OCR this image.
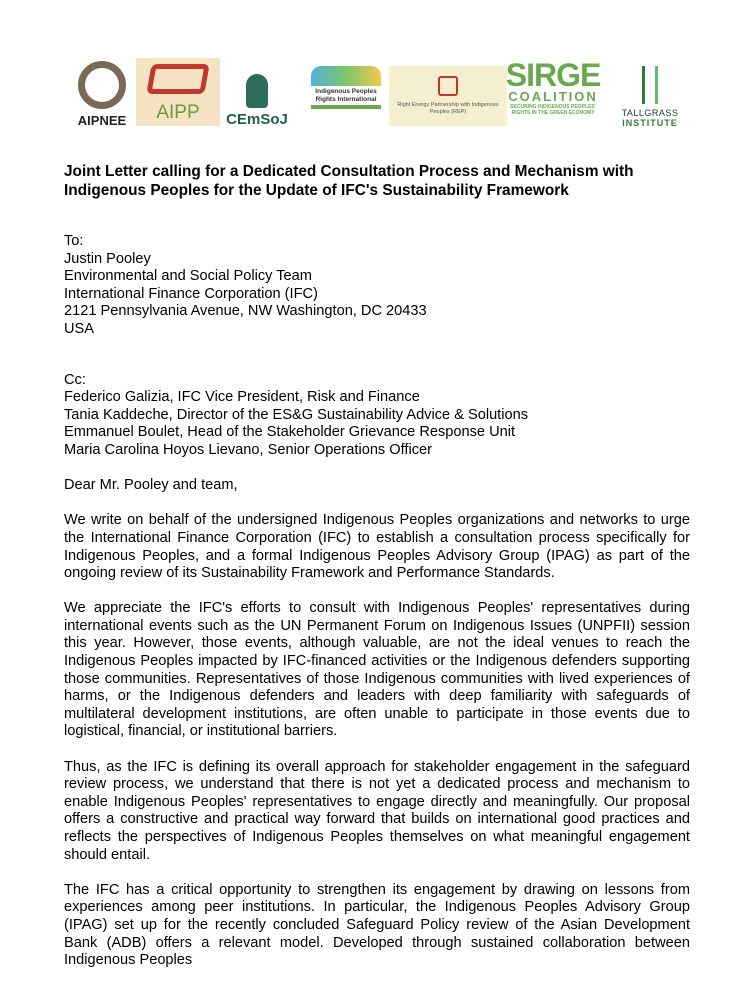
AIPNEE AIPP CEmSoJ
Indigenous Peoples Rights International
Right Energy Partnership with Indigenous Peoples (REP)
SIRGE
COALITION
SECURING INDIGENOUS PEOPLES' RIGHTS IN THE GREEN ECONOMY	TALLGRASS
INSTITUTE
Joint Letter calling for a Dedicated Consultation Process and Mechanism with Indigenous Peoples for the Update of IFC's Sustainability Framework
To:
Justin Pooley
Environmental and Social Policy Team
International Finance Corporation (IFC)
2121 Pennsylvania Avenue, NW Washington, DC 20433
USA
Cc:
Federico Galizia, IFC Vice President, Risk and Finance
Tania Kaddeche, Director of the ES&G Sustainability Advice & Solutions
Emmanuel Boulet, Head of the Stakeholder Grievance Response Unit
Maria Carolina Hoyos Lievano, Senior Operations Officer

Dear Mr. Pooley and team,

We write on behalf of the undersigned Indigenous Peoples organizations and networks to urge the International Finance Corporation (IFC) to establish a consultation process specifically for Indigenous Peoples, and a formal Indigenous Peoples Advisory Group (IPAG) as part of the ongoing review of its Sustainability Framework and Performance Standards.

We appreciate the IFC's efforts to consult with Indigenous Peoples' representatives during international events such as the UN Permanent Forum on Indigenous Issues (UNPFII) session this year. However, those events, although valuable, are not the ideal venues to reach the Indigenous Peoples impacted by IFC-financed activities or the Indigenous defenders supporting those communities. Representatives of those Indigenous communities with lived experiences of harms, or the Indigenous defenders and leaders with deep familiarity with safeguards of multilateral development institutions, are often unable to participate in those events due to logistical, financial, or institutional barriers.

Thus, as the IFC is defining its overall approach for stakeholder engagement in the safeguard review process, we understand that there is not yet a dedicated process and mechanism to enable Indigenous Peoples' representatives to engage directly and meaningfully. Our proposal offers a constructive and practical way forward that builds on international good practices and reflects the perspectives of Indigenous Peoples themselves on what meaningful engagement should entail.

The IFC has a critical opportunity to strengthen its engagement by drawing on lessons from experiences among peer institutions. In particular, the Indigenous Peoples Advisory Group (IPAG) set up for the recently concluded Safeguard Policy review of the Asian Development Bank (ADB) offers a relevant model. Developed through sustained collaboration between Indigenous Peoples
